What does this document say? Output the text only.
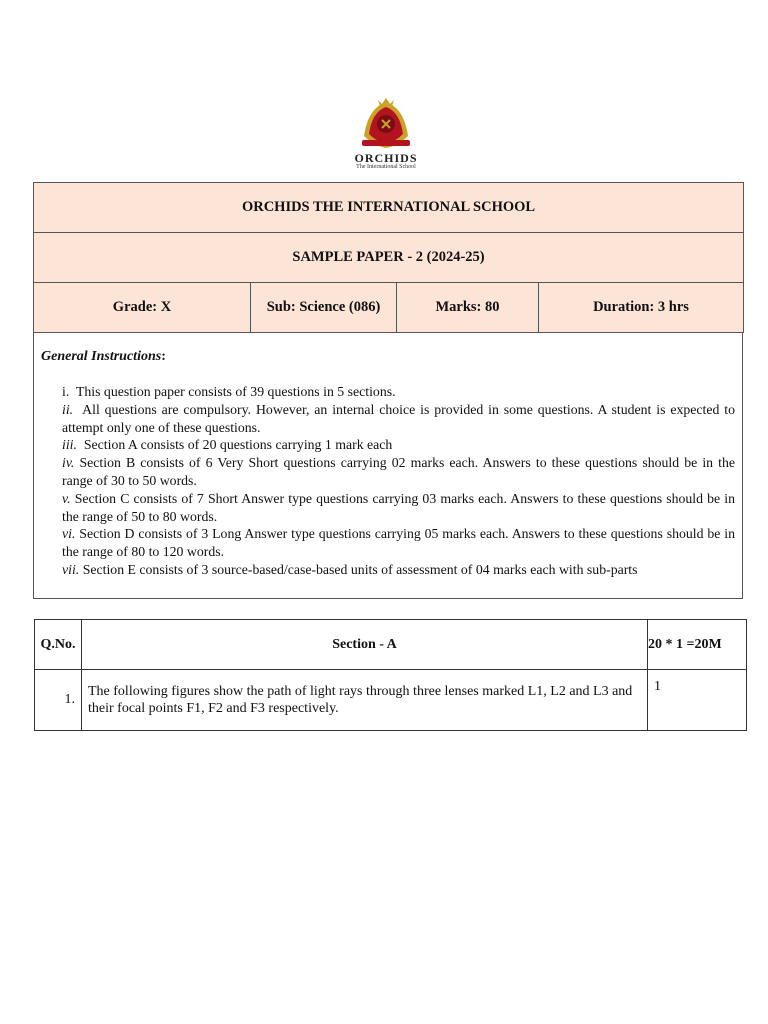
ORCHIDS
The International School
ORCHIDS THE INTERNATIONAL SCHOOL
SAMPLE PAPER - 2 (2024-25)
Grade: X	Sub: Science (086)	Marks: 80	Duration: 3 hrs
General Instructions:

i. This question paper consists of 39 questions in 5 sections.

ii. All questions are compulsory. However, an internal choice is provided in some questions. A student is expected to attempt only one of these questions.

iii. Section A consists of 20 questions carrying 1 mark each

iv. Section B consists of 6 Very Short questions carrying 02 marks each. Answers to these questions should be in the range of 30 to 50 words.

v. Section C consists of 7 Short Answer type questions carrying 03 marks each. Answers to these questions should be in the range of 50 to 80 words.

vi. Section D consists of 3 Long Answer type questions carrying 05 marks each. Answers to these questions should be in the range of 80 to 120 words.

vii. Section E consists of 3 source-based/case-based units of assessment of 04 marks each with sub-parts

Q.No.	Section - A	20 * 1 =20M
1.	The following figures show the path of light rays through three lenses marked L1, L2 and L3 and their focal points F1, F2 and F3 respectively.	1
